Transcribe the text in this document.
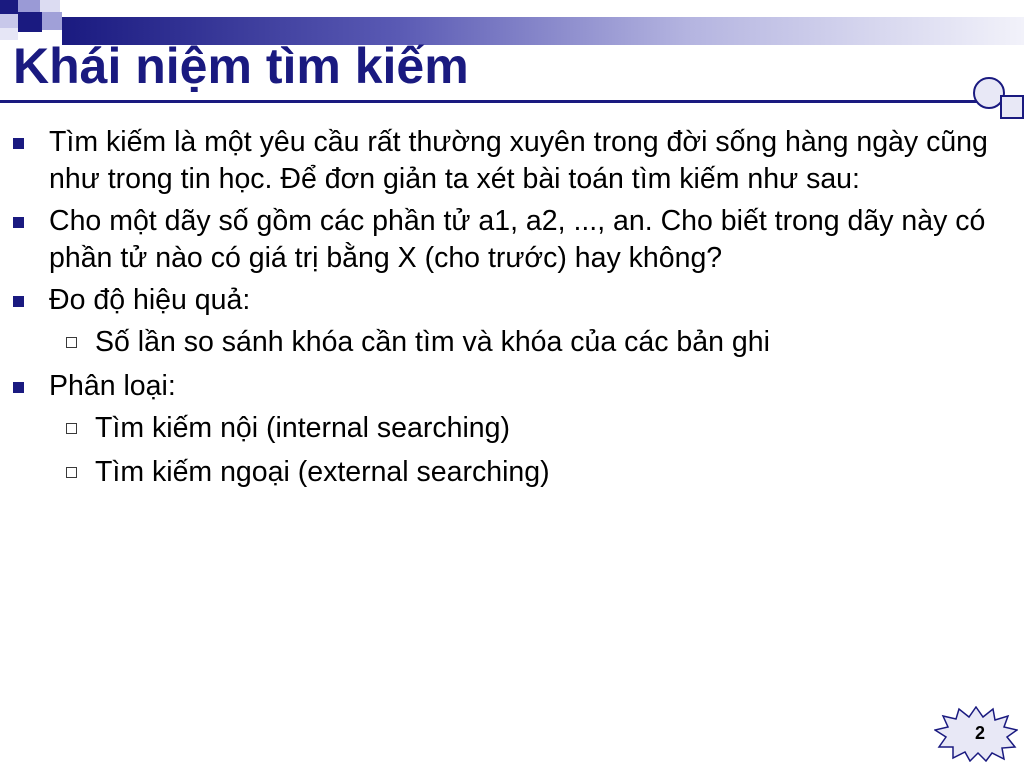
Khái niệm tìm kiếm
Tìm kiếm là một yêu cầu rất thường xuyên trong đời sống hàng ngày cũng như trong tin học. Để đơn giản ta xét bài toán tìm kiếm như sau:
Cho một dãy số gồm các phần tử a1, a2, ..., an. Cho biết trong dãy này có phần tử nào có giá trị bằng X (cho trước) hay không?
Đo độ hiệu quả:
Số lần so sánh khóa cần tìm và khóa của các bản ghi
Phân loại:
Tìm kiếm nội (internal searching)
Tìm kiếm ngoại (external searching)
2
